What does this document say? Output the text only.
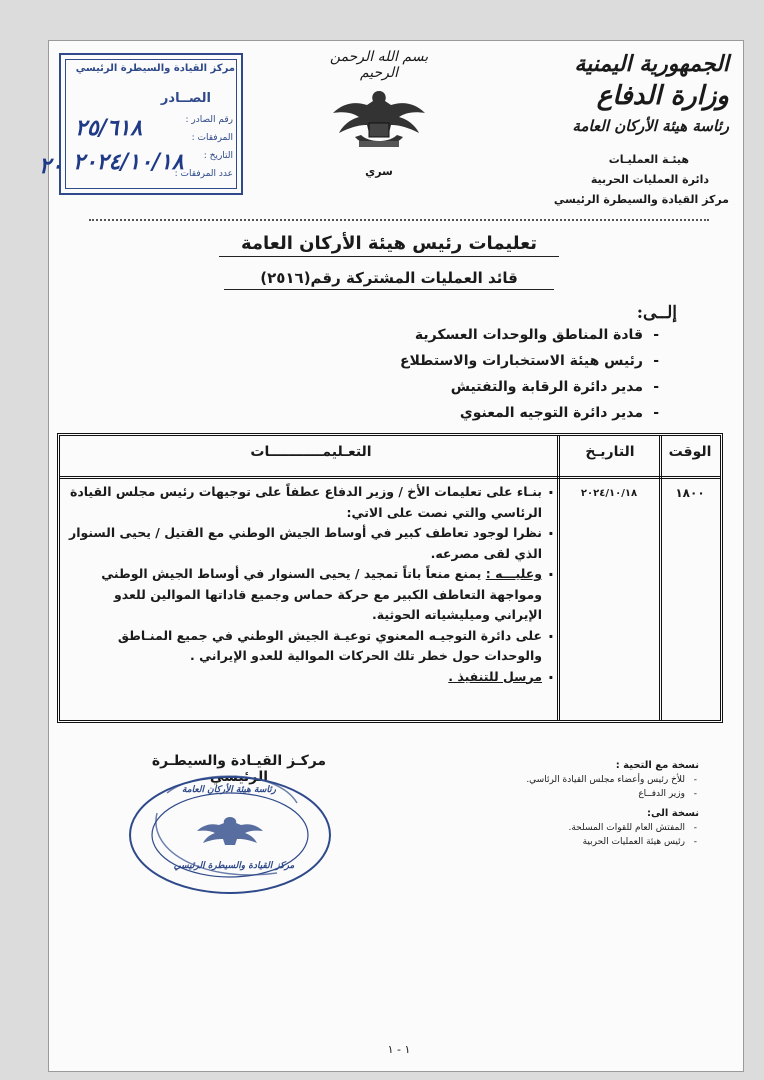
مركز القيادة والسيطرة الرئيسي
الصــادر
رقم الصادر :
المرفقات :
التاريخ :
عدد المرفقات :
٢٥/٦١٨
٢٠٢٤/١٠/١٨
٢٠
بسم الله الرحمن الرحيم
سري
الجمهورية اليمنية
وزارة الدفاع
رئاسة هيئة الأركان العامة
هيئـة العمليـات
دائرة العمليات الحربية
مركز القيادة والسيطرة الرئيسي
تعليمات رئيس هيئة الأركان العامة
قائد العمليات المشتركة رقم(٢٥١٦)
إلــى:
قادة المناطق والوحدات العسكرية -
رئيس هيئة الاستخبارات والاستطلاع -
مدير دائرة الرقابة والتفتيش -
مدير دائرة التوجيه المعنوي -
الوقت
التاريـخ
التعـليمـــــــــــات
١٨٠٠
٢٠٢٤/١٠/١٨

. بنـاء على تعليمات الأخ / وزير الدفاع عطفاً على توجيهات رئيس مجلس القيادة الرئاسي والتي نصت على الاتي:

. نظرا لوجود تعاطف كبير في أوساط الجيش الوطني مع القتيل / يحيى السنوار الذي لقى مصرعه.

. وعليـــه : يمنع منعاً باتاً تمجيد / يحيى السنوار في أوساط الجيش الوطني ومواجهة التعاطف الكبير مع حركة حماس وجميع قاداتها الموالين للعدو الإيراني وميليشياته الحوثية.

. على دائرة التوجيـه المعنوي توعيـة الجيش الوطني في جميع المنـاطق والوحدات حول خطر تلك الحركات الموالية للعدو الإيراني .

. مرسل للتنفيذ .

نسخة مع التحية :
للأخ رئيس وأعضاء مجلس القيادة الرئاسي. -
وزير الدفــاع -
نسخة الى:
المفتش العام للقوات المسلحة. -
رئيس هيئة العمليات الحربية -
مركـز القيـادة والسيطـرة الرئيسي
رئاسة هيئة الأركان العامة
مركز القيادة والسيطرة الرئيسي
١ - ١
